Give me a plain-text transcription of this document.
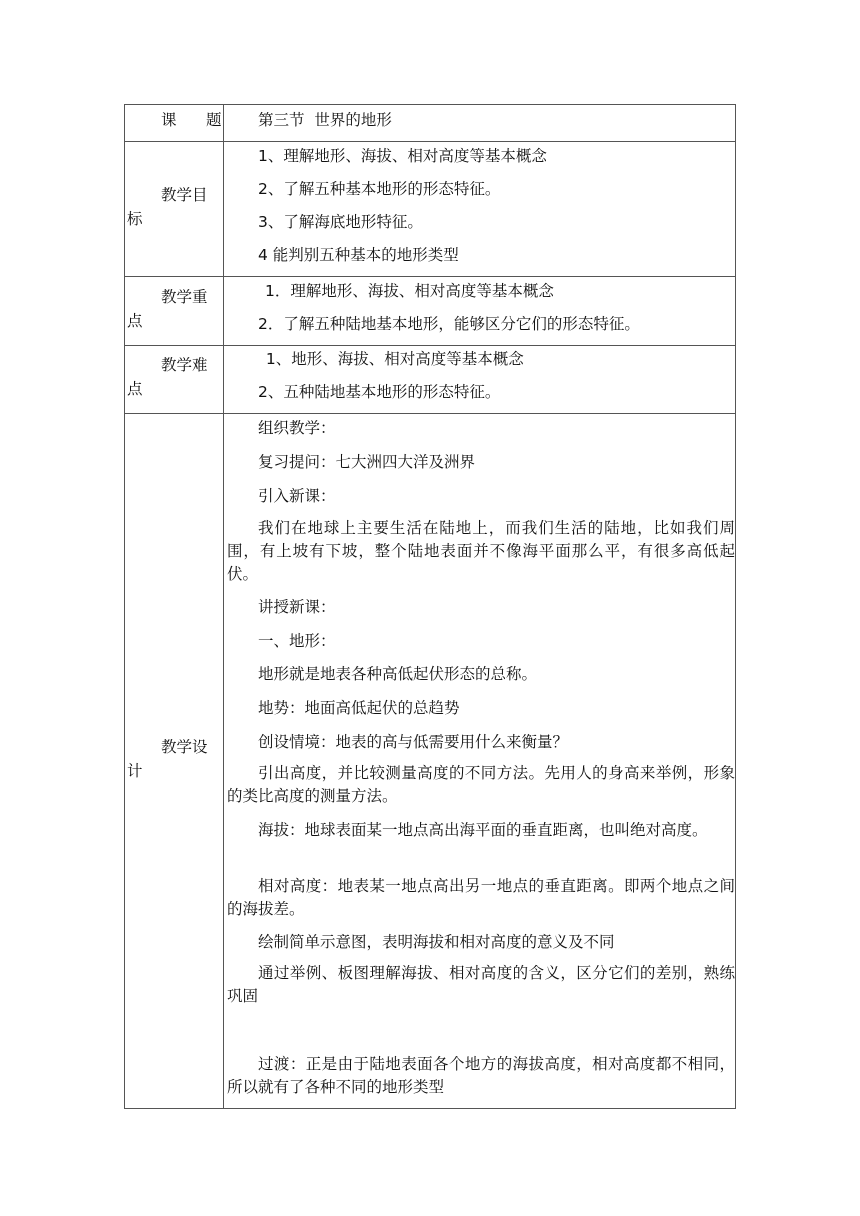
课      题 第三节  世界的地形
教学目
标
1、理解地形、海拔、相对高度等基本概念
2、了解五种基本地形的形态特征。
3、了解海底地形特征。
4 能判别五种基本的地形类型
教学重
点
1．理解地形、海拔、相对高度等基本概念
2．了解五种陆地基本地形，能够区分它们的形态特征。
教学难
点
1、地形、海拔、相对高度等基本概念
2、五种陆地基本地形的形态特征。
教学设
计
组织教学：
复习提问：七大洲四大洋及洲界
引入新课：
我们在地球上主要生活在陆地上，而我们生活的陆地，比如我们周围，有上坡有下坡，整个陆地表面并不像海平面那么平，有很多高低起伏。
讲授新课：
一、地形：
地形就是地表各种高低起伏形态的总称。
地势：地面高低起伏的总趋势
创设情境：地表的高与低需要用什么来衡量？
引出高度，并比较测量高度的不同方法。先用人的身高来举例，形象的类比高度的测量方法。
海拔：地球表面某一地点高出海平面的垂直距离，也叫绝对高度。
相对高度：地表某一地点高出另一地点的垂直距离。即两个地点之间的海拔差。
绘制简单示意图，表明海拔和相对高度的意义及不同
通过举例、板图理解海拔、相对高度的含义，区分它们的差别，熟练巩固
过渡：正是由于陆地表面各个地方的海拔高度，相对高度都不相同，所以就有了各种不同的地形类型
